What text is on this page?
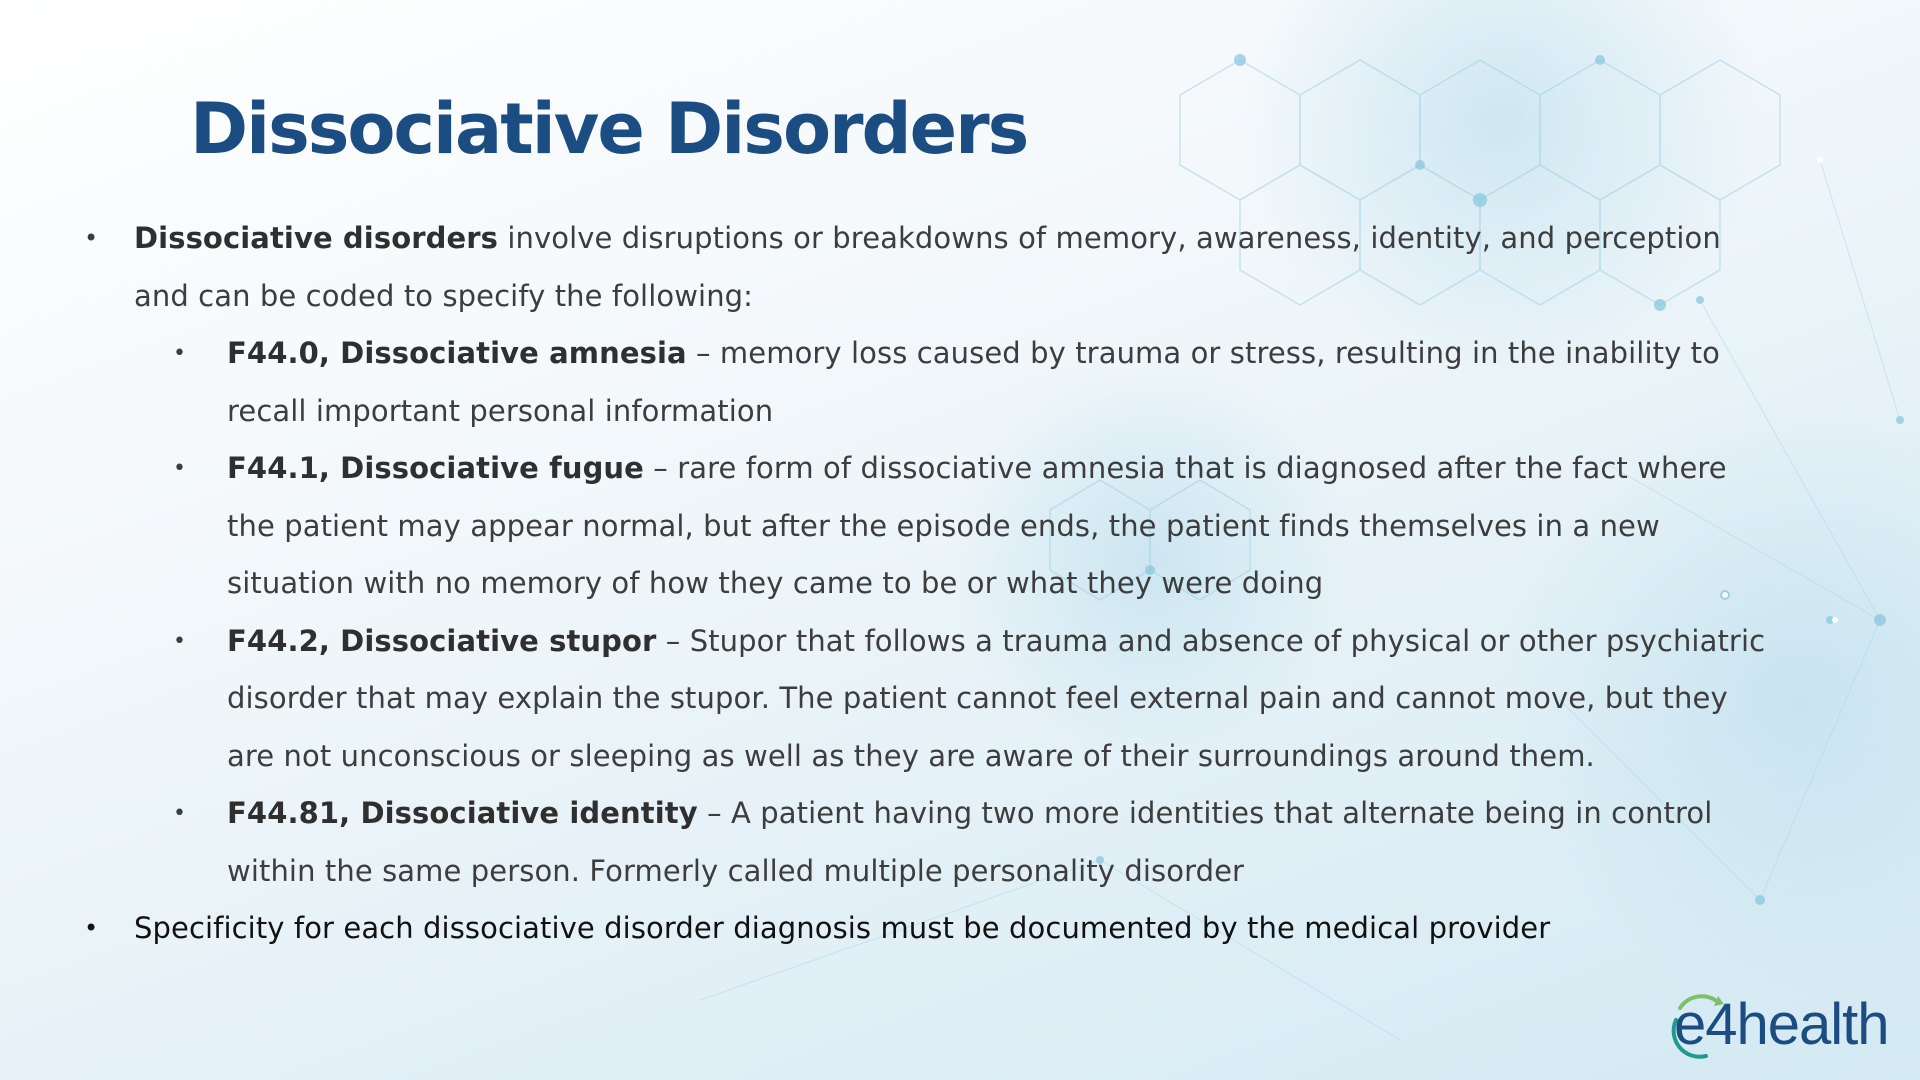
Dissociative Disorders
• Dissociative disorders involve disruptions or breakdowns of memory, awareness, identity, and perception and can be coded to specify the following:
• F44.0, Dissociative amnesia – memory loss caused by trauma or stress, resulting in the inability to recall important personal information
• F44.1, Dissociative fugue – rare form of dissociative amnesia that is diagnosed after the fact where the patient may appear normal, but after the episode ends, the patient finds themselves in a new situation with no memory of how they came to be or what they were doing
• F44.2, Dissociative stupor – Stupor that follows a trauma and absence of physical or other psychiatric disorder that may explain the stupor. The patient cannot feel external pain and cannot move, but they are not unconscious or sleeping as well as they are aware of their surroundings around them.
• F44.81, Dissociative identity – A patient having two more identities that alternate being in control within the same person. Formerly called multiple personality disorder
• Specificity for each dissociative disorder diagnosis must be documented by the medical provider
e4health
